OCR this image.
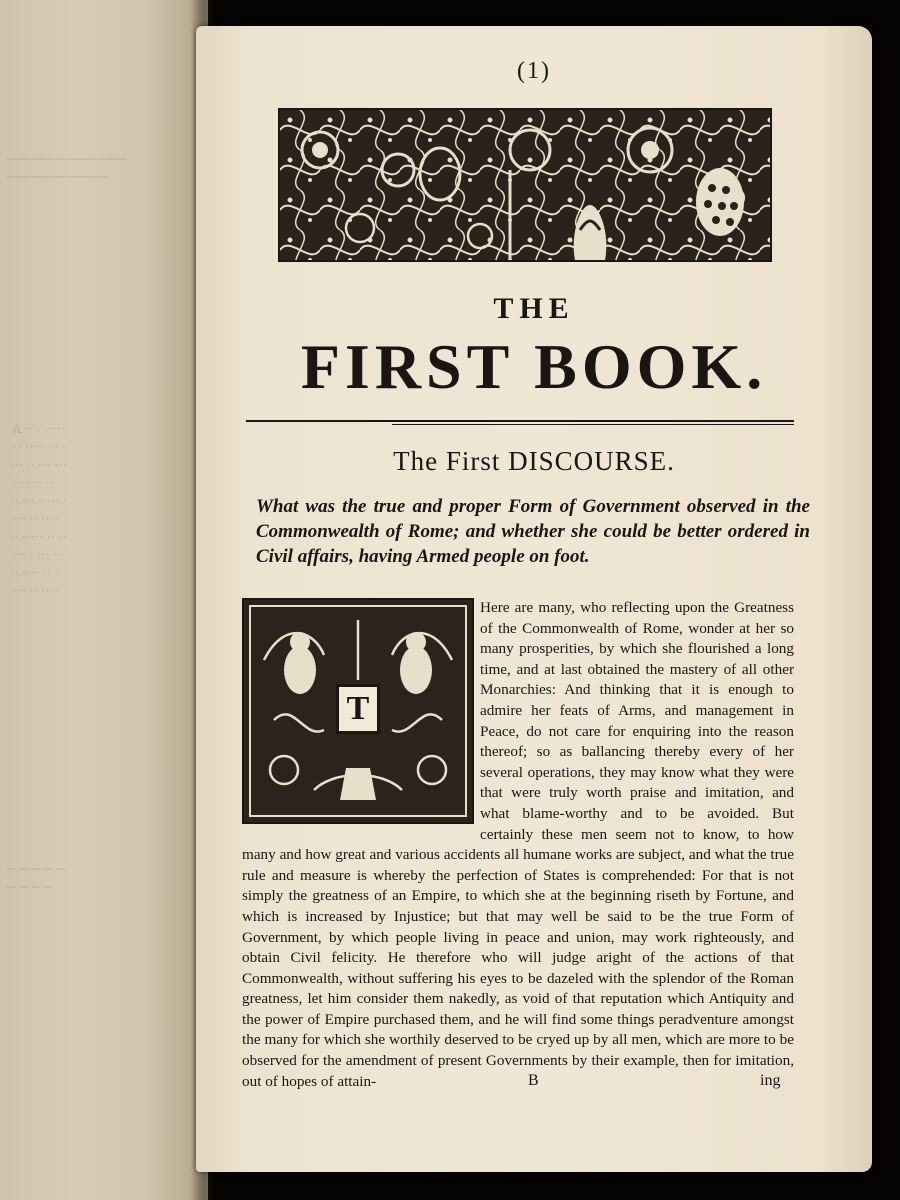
─────────────
───────────
A ·· · ·····
·· ····· ·· ·
··· ·· ··· ···
···· ·· ··
·· ··· ····· ·
··· ·· ····
·· ····· ·· ··
··· · ··· ···
·· ···· ·· ·
··· ·· ····
─ ─ ─ ─ ─
─ ─ ─ ─
(1)
THE
FIRST BOOK.
The First DISCOURSE.

What was the true and proper Form of Government observed in the Commonwealth of Rome; and whether she could be better ordered in Civil affairs, having Armed people on foot.

T

Here are many, who reflecting upon the Greatness of the Commonwealth of Rome, wonder at her so many prosperities, by which she flourished a long time, and at last obtained the mastery of all other Monarchies: And thinking that it is enough to admire her feats of Arms, and management in Peace, do not care for enquiring into the reason thereof; so as ballancing thereby every of her several operations, they may know what they were that were truly worth praise and imitation, and what blame-worthy and to be avoided. But certainly these men seem not to know, to how many and how great and various accidents all humane works are subject, and what the true rule and measure is whereby the perfection of States is comprehended: For that is not simply the greatness of an Empire, to which she at the beginning riseth by Fortune, and which is increased by Injustice; but that may well be said to be the true Form of Government, by which people living in peace and union, may work righteously, and obtain Civil felicity. He therefore who will judge aright of the actions of that Commonwealth, without suffering his eyes to be dazeled with the splendor of the Roman greatness, let him consider them nakedly, as void of that reputation which Antiquity and the power of Empire purchased them, and he will find some things peradventure amongst the many for which she worthily deserved to be cryed up by all men, which are more to be observed for the amendment of present Governments by their example, then for imitation, out of hopes of attain-	B	ing
